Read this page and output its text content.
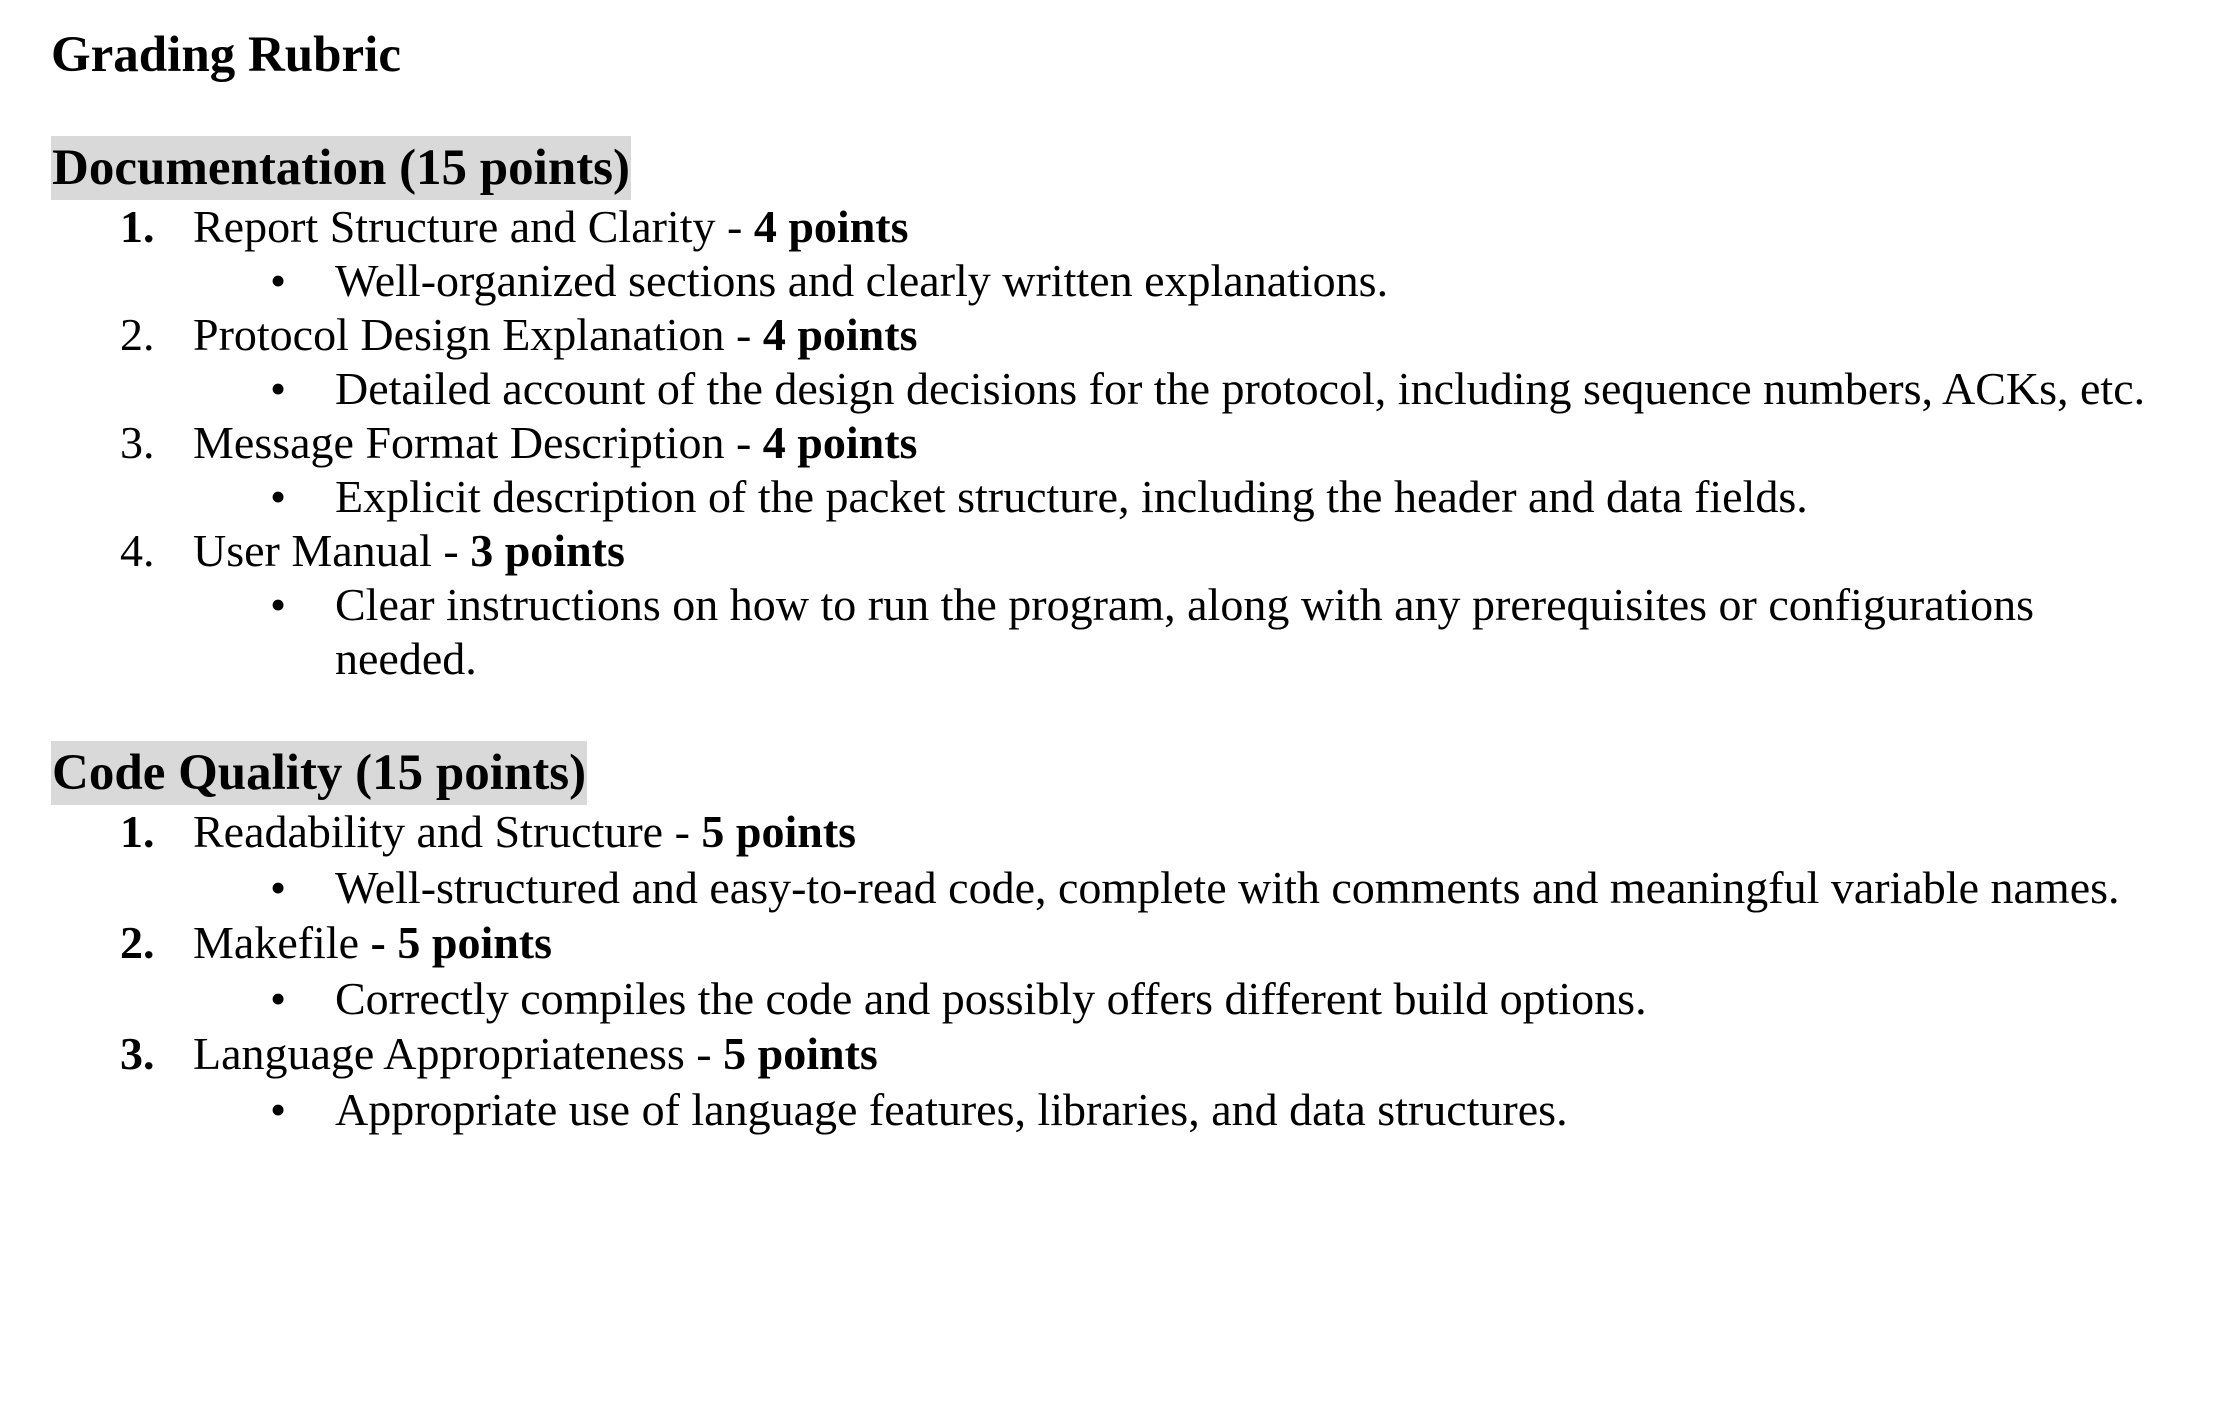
Grading Rubric
Documentation (15 points)
1. Report Structure and Clarity - 4 points
• Well-organized sections and clearly written explanations.
2. Protocol Design Explanation - 4 points
• Detailed account of the design decisions for the protocol, including sequence numbers, ACKs, etc.
3. Message Format Description - 4 points
• Explicit description of the packet structure, including the header and data fields.
4. User Manual - 3 points
• Clear instructions on how to run the program, along with any prerequisites or configurations needed.
Code Quality (15 points)
1. Readability and Structure - 5 points
• Well-structured and easy-to-read code, complete with comments and meaningful variable names.
2. Makefile - 5 points
• Correctly compiles the code and possibly offers different build options.
3. Language Appropriateness - 5 points
• Appropriate use of language features, libraries, and data structures.
